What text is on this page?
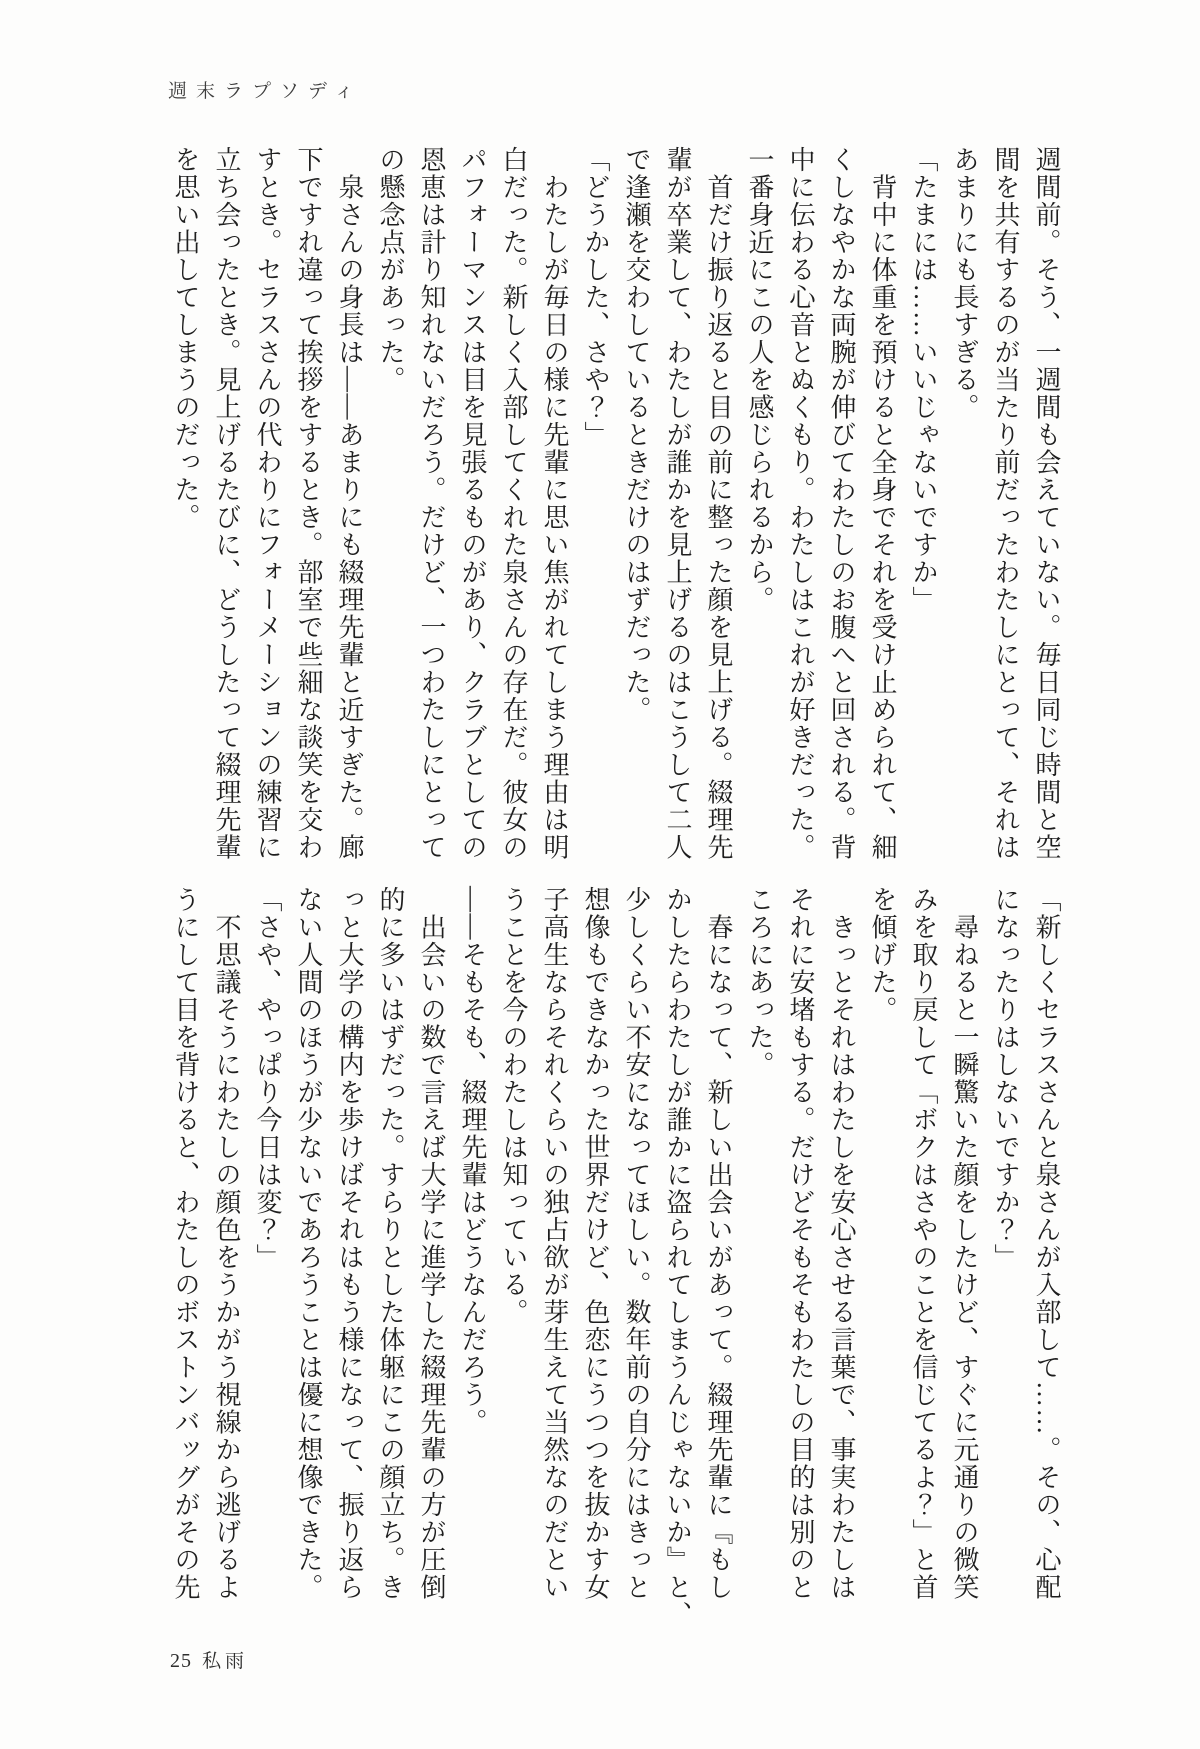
週末ラプソディ

週間前。そう、一週間も会えていない。毎日同じ時間と空

間を共有するのが当たり前だったわたしにとって、それは

あまりにも長すぎる。

「たまには……いいじゃないですか」

　背中に体重を預けると全身でそれを受け止められて、細

くしなやかな両腕が伸びてわたしのお腹へと回される。背

中に伝わる心音とぬくもり。わたしはこれが好きだった。

一番身近にこの人を感じられるから。

　首だけ振り返ると目の前に整った顔を見上げる。綴理先

輩が卒業して、わたしが誰かを見上げるのはこうして二人

で逢瀬を交わしているときだけのはずだった。

「どうかした、さや？」

　わたしが毎日の様に先輩に思い焦がれてしまう理由は明

白だった。新しく入部してくれた泉さんの存在だ。彼女の

パフォーマンスは目を見張るものがあり、クラブとしての

恩恵は計り知れないだろう。だけど、一つわたしにとって

の懸念点があった。

　泉さんの身長は――あまりにも綴理先輩と近すぎた。廊

下ですれ違って挨拶をするとき。部室で些細な談笑を交わ

すとき。セラスさんの代わりにフォーメーションの練習に

立ち会ったとき。見上げるたびに、どうしたって綴理先輩

を思い出してしまうのだった。

「新しくセラスさんと泉さんが入部して……。その、心配

になったりはしないですか？」

　尋ねると一瞬驚いた顔をしたけど、すぐに元通りの微笑

みを取り戻して「ボクはさやのことを信じてるよ？」と首

を傾げた。

　きっとそれはわたしを安心させる言葉で、事実わたしは

それに安堵もする。だけどそもそもわたしの目的は別のと

ころにあった。

　春になって、新しい出会いがあって。綴理先輩に『もし

かしたらわたしが誰かに盗られてしまうんじゃないか』と、

少しくらい不安になってほしい。数年前の自分にはきっと

想像もできなかった世界だけど、色恋にうつつを抜かす女

子高生ならそれくらいの独占欲が芽生えて当然なのだとい

うことを今のわたしは知っている。

――そもそも、綴理先輩はどうなんだろう。

　出会いの数で言えば大学に進学した綴理先輩の方が圧倒

的に多いはずだった。すらりとした体躯にこの顔立ち。き

っと大学の構内を歩けばそれはもう様になって、振り返ら

ない人間のほうが少ないであろうことは優に想像できた。

「さや、やっぱり今日は変？」

　不思議そうにわたしの顔色をうかがう視線から逃げるよ

うにして目を背けると、わたしのボストンバッグがその先

25 私雨
